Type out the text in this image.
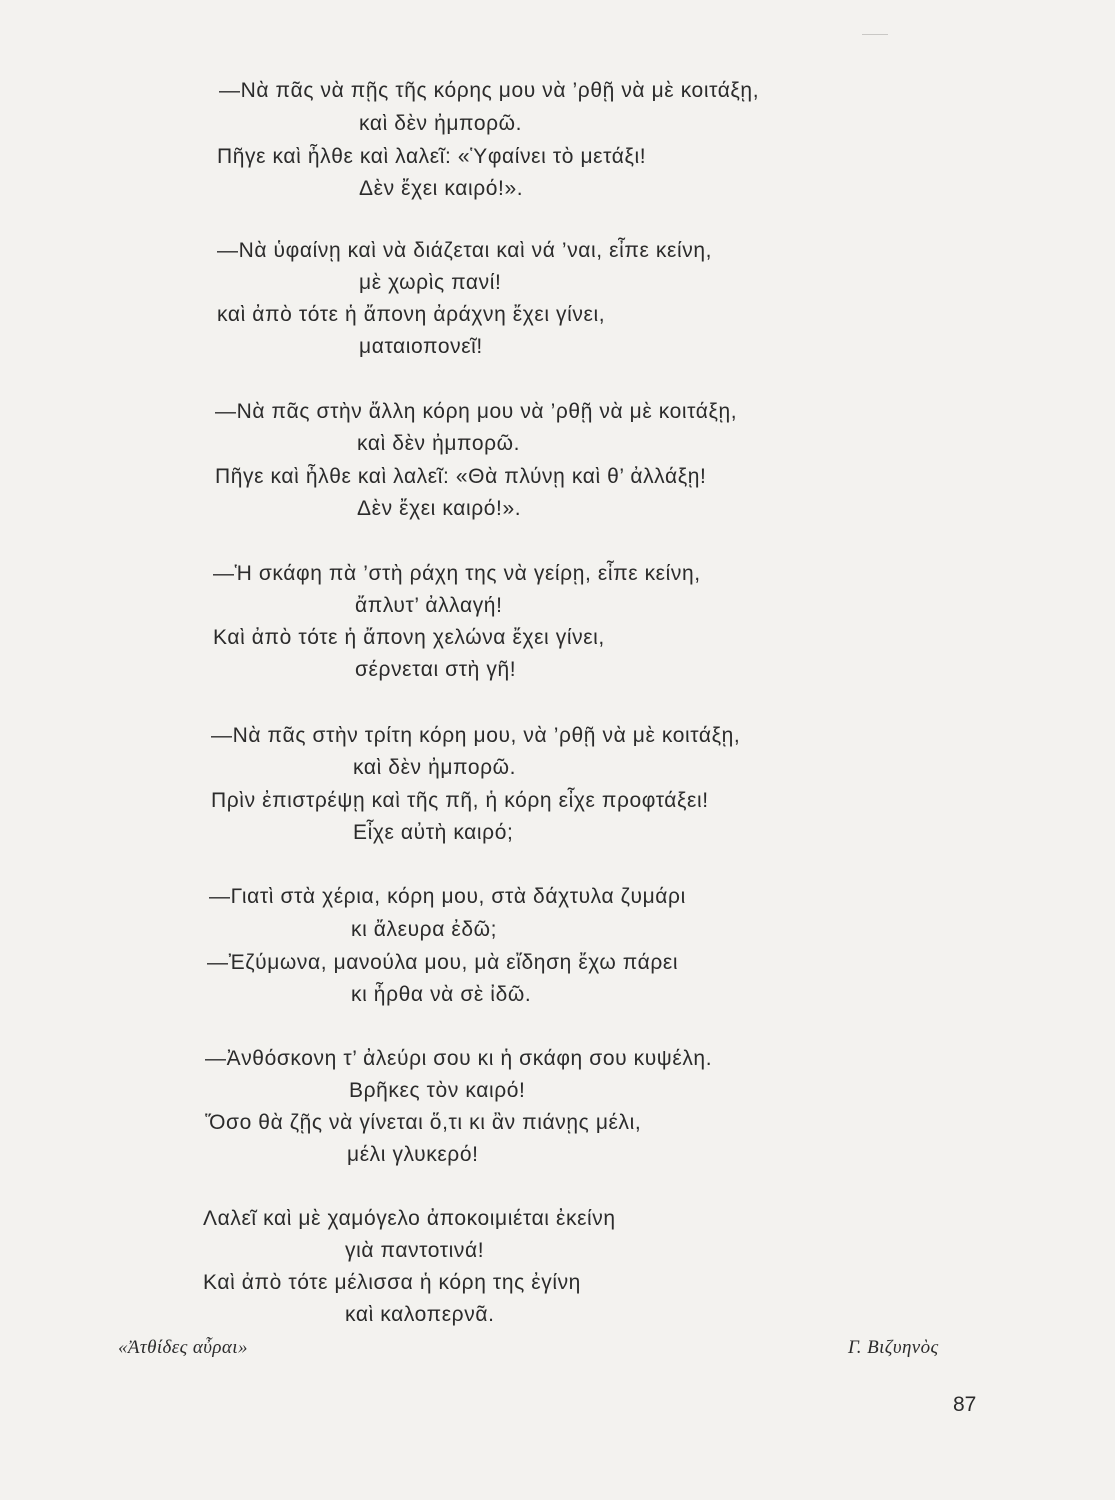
—Νὰ πᾶς νὰ πῇς τῆς κόρης μου νὰ ’ρθῇ νὰ μὲ κοιτάξῃ,
καὶ δὲν ἠμπορῶ.
Πῆγε καὶ ἦλθε καὶ λαλεῖ: «Ὑφαίνει τὸ μετάξι!
Δὲν ἔχει καιρό!».
—Νὰ ὑφαίνῃ καὶ νὰ διάζεται καὶ νά ’ναι, εἶπε κείνη,
μὲ χωρὶς πανί!
καὶ ἀπὸ τότε ἡ ἄπονη ἀράχνη ἔχει γίνει,
ματαιοπονεῖ!
—Νὰ πᾶς στὴν ἄλλη κόρη μου νὰ ’ρθῇ νὰ μὲ κοιτάξῃ,
καὶ δὲν ἠμπορῶ.
Πῆγε καὶ ἦλθε καὶ λαλεῖ: «Θὰ πλύνῃ καὶ θ’ ἀλλάξῃ!
Δὲν ἔχει καιρό!».
—Ἡ σκάφη πὰ ’στὴ ράχη της νὰ γείρῃ, εἶπε κείνη,
ἄπλυτ’ ἀλλαγή!
Καὶ ἀπὸ τότε ἡ ἄπονη χελώνα ἔχει γίνει,
σέρνεται στὴ γῆ!
—Νὰ πᾶς στὴν τρίτη κόρη μου, νὰ ’ρθῇ νὰ μὲ κοιτάξῃ,
καὶ δὲν ἠμπορῶ.
Πρὶν ἐπιστρέψῃ καὶ τῆς πῆ, ἡ κόρη εἶχε προφτάξει!
Εἶχε αὐτὴ καιρό;
—Γιατὶ στὰ χέρια, κόρη μου, στὰ δάχτυλα ζυμάρι
κι ἄλευρα ἐδῶ;
—Ἐζύμωνα, μανούλα μου, μὰ εἴδηση ἔχω πάρει
κι ἦρθα νὰ σὲ ἰδῶ.
—Ἀνθόσκονη τ’ ἀλεύρι σου κι ἡ σκάφη σου κυψέλη.
Βρῆκες τὸν καιρό!
Ὅσο θὰ ζῇς νὰ γίνεται ὅ,τι κι ἂν πιάνῃς μέλι,
μέλι γλυκερό!
Λαλεῖ καὶ μὲ χαμόγελο ἀποκοιμιέται ἐκείνη
γιὰ παντοτινά!
Καὶ ἀπὸ τότε μέλισσα ἡ κόρη της ἐγίνη
καὶ καλοπερνᾶ.
«Ἀτθίδες αὖραι»	Γ. Βιζυηνὸς
87
